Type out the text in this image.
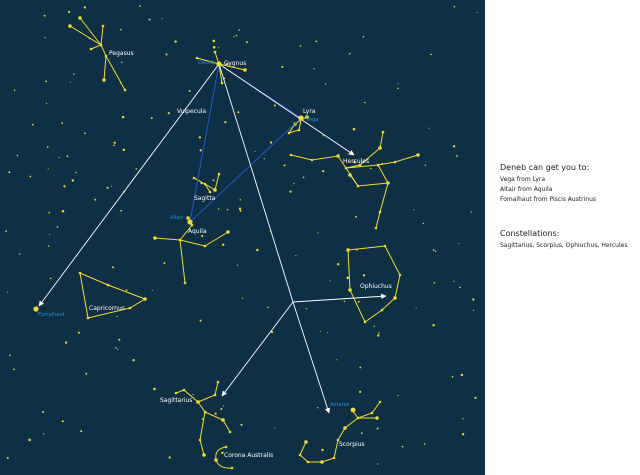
Pegasus
Cygnus
Vulpecula	Lyra
Hercules
Sagitta
Aquila
Capricornus
Ophiuchus
Sagittarius
Corona Australis
Scorpius
Deneb
Vega
Altair
Fomalhaut
Antares
Deneb can get you to:
Vega from Lyra
Altair from Aquila
Fomalhaut from Piscis Austrinus
Constellations:
Sagittarius, Scorpius, Ophiuchus, Hercules
